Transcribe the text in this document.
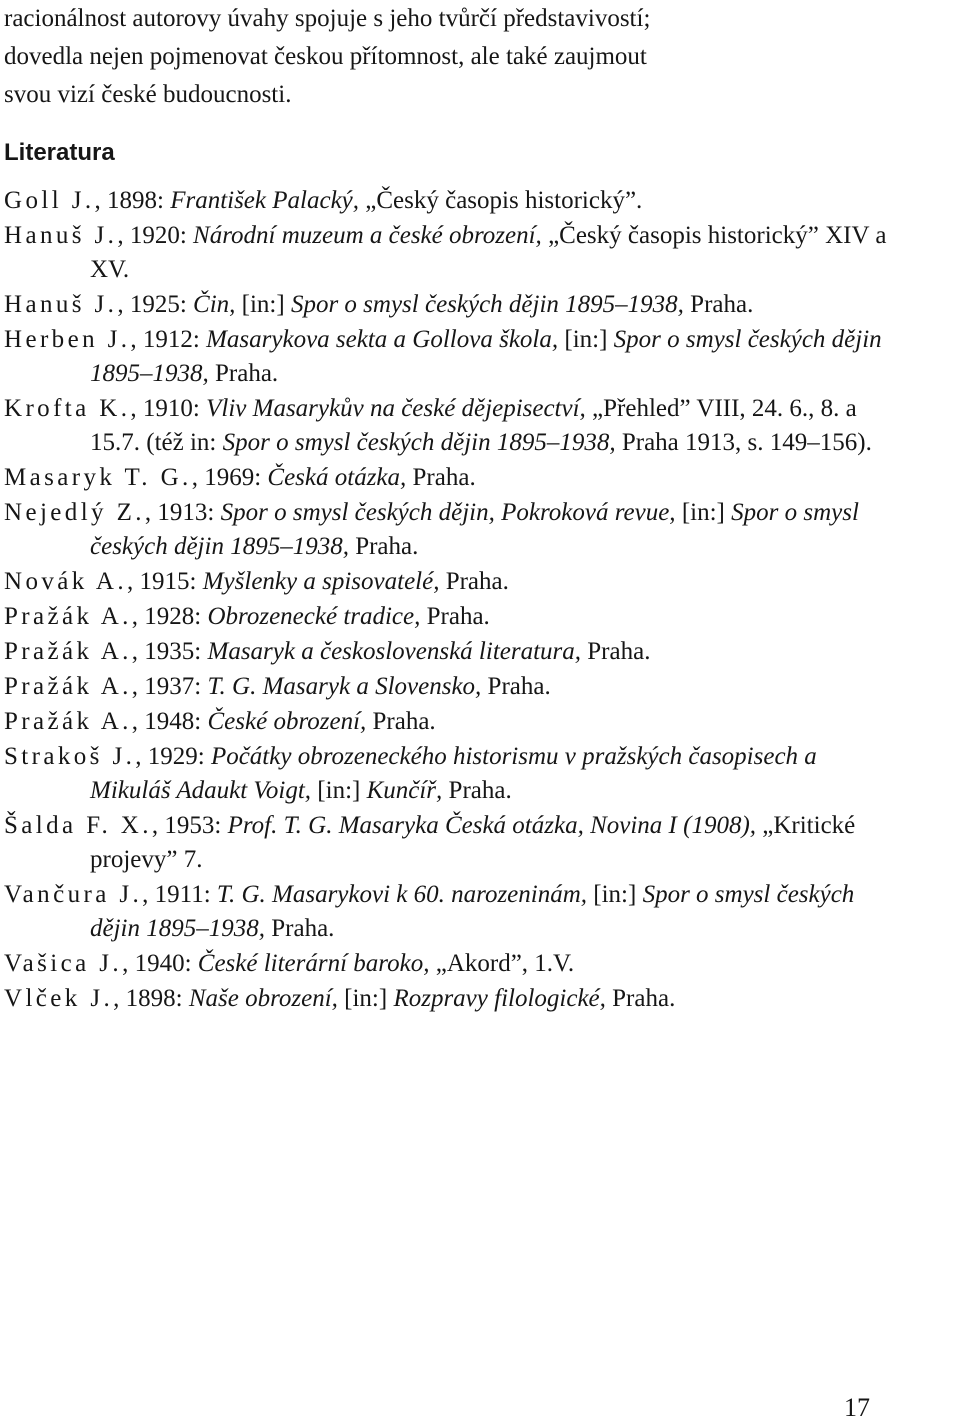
racionálnost autorovy úvahy spojuje s jeho tvůrčí představivostí;
dovedla nejen pojmenovat českou přítomnost, ale také zaujmout
svou vizí české budoucnosti.
Literatura
Goll J., 1898: František Palacký, „Český časopis historický”.
Hanuš J., 1920: Národní muzeum a české obrození, „Český časopis historický” XIV a XV.
Hanuš J., 1925: Čin, [in:] Spor o smysl českých dějin 1895–1938, Praha.
Herben J., 1912: Masarykova sekta a Gollova škola, [in:] Spor o smysl českých dějin 1895–1938, Praha.
Krofta K., 1910: Vliv Masarykův na české dějepisectví, „Přehled” VIII, 24. 6., 8. a 15.7. (též in: Spor o smysl českých dějin 1895–1938, Praha 1913, s. 149–156).
Masaryk T. G., 1969: Česká otázka, Praha.
Nejedlý Z., 1913: Spor o smysl českých dějin, Pokroková revue, [in:] Spor o smysl českých dějin 1895–1938, Praha.
Novák A., 1915: Myšlenky a spisovatelé, Praha.
Pražák A., 1928: Obrozenecké tradice, Praha.
Pražák A., 1935: Masaryk a československá literatura, Praha.
Pražák A., 1937: T. G. Masaryk a Slovensko, Praha.
Pražák A., 1948: České obrození, Praha.
Strakoš J., 1929: Počátky obrozeneckého historismu v pražských časopisech a Mikuláš Adaukt Voigt, [in:] Kunčíř, Praha.
Šalda F. X., 1953: Prof. T. G. Masaryka Česká otázka, Novina I (1908), „Kritické projevy” 7.
Vančura J., 1911: T. G. Masarykovi k 60. narozeninám, [in:] Spor o smysl českých dějin 1895–1938, Praha.
Vašica J., 1940: České literární baroko, „Akord”, 1.V.
Vlček J., 1898: Naše obrození, [in:] Rozpravy filologické, Praha.
17
